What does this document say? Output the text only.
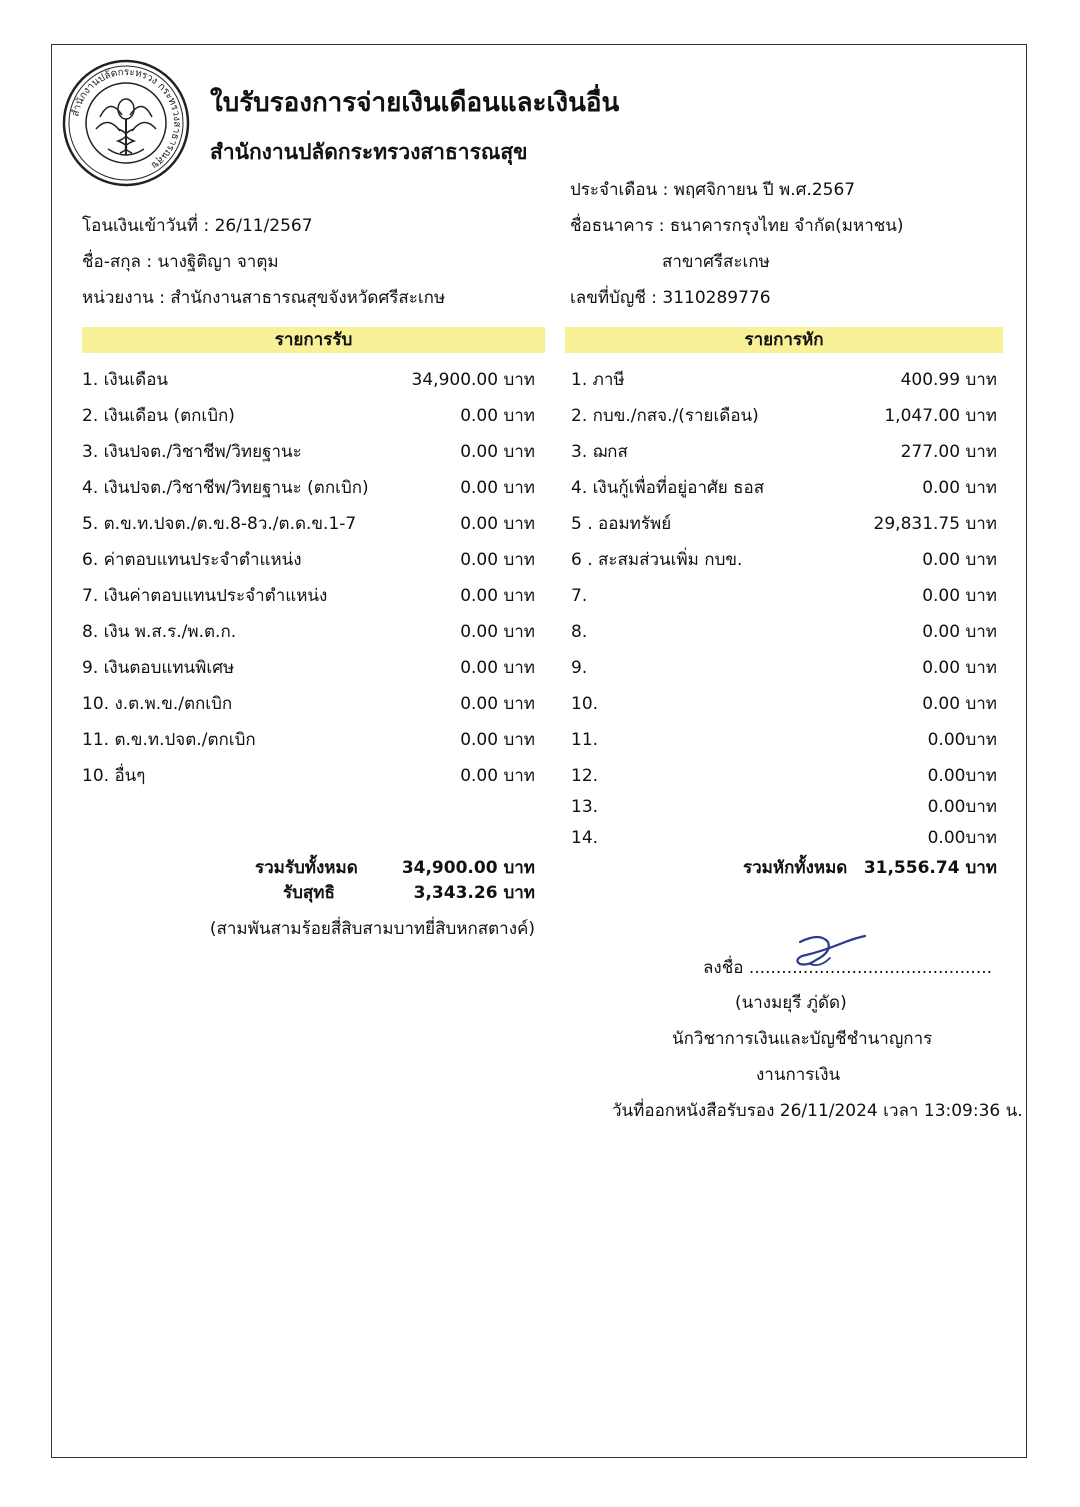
สำนักงานปลัดกระทรวง กระทรวงสาธารณสุข
ใบรับรองการจ่ายเงินเดือนและเงินอื่น
สำนักงานปลัดกระทรวงสาธารณสุข
ประจำเดือน : พฤศจิกายน ปี พ.ศ.2567
โอนเงินเข้าวันที่ : 26/11/2567	ชื่อธนาคาร : ธนาคารกรุงไทย จำกัด(มหาชน)
ชื่อ-สกุล : นางฐิติญา จาตุม	สาขาศรีสะเกษ
หน่วยงาน : สำนักงานสาธารณสุขจังหวัดศรีสะเกษ	เลขที่บัญชี : 3110289776
รายการรับ	รายการหัก
1. เงินเดือน	34,900.00 บาท
2. เงินเดือน (ตกเบิก)	0.00 บาท
3. เงินปจต./วิชาชีพ/วิทยฐานะ	0.00 บาท
4. เงินปจต./วิชาชีพ/วิทยฐานะ (ตกเบิก)	0.00 บาท
5. ต.ข.ท.ปจต./ต.ข.8-8ว./ต.ด.ข.1-7	0.00 บาท
6. ค่าตอบแทนประจำตำแหน่ง	0.00 บาท
7. เงินค่าตอบแทนประจำตำแหน่ง	0.00 บาท
8. เงิน พ.ส.ร./พ.ต.ก.	0.00 บาท
9. เงินตอบแทนพิเศษ	0.00 บาท
10. ง.ต.พ.ข./ตกเบิก	0.00 บาท
11. ต.ข.ท.ปจต./ตกเบิก	0.00 บาท
10. อื่นๆ	0.00 บาท
1. ภาษี	400.99 บาท
2. กบข./กสจ./(รายเดือน)	1,047.00 บาท
3. ฌกส	277.00 บาท
4. เงินกู้เพื่อที่อยู่อาศัย ธอส	0.00 บาท
5 . ออมทรัพย์	29,831.75 บาท
6 . สะสมส่วนเพิ่ม กบข.	0.00 บาท
7.	0.00 บาท
8.	0.00 บาท
9.	0.00 บาท
10.	0.00 บาท
11.	0.00บาท
12.	0.00บาท
13.	0.00บาท
14.	0.00บาท
รวมรับทั้งหมด	34,900.00 บาท
รับสุทธิ	3,343.26 บาท
(สามพันสามร้อยสี่สิบสามบาทยี่สิบหกสตางค์)
รวมหักทั้งหมด 31,556.74 บาท
ลงชื่อ .............................................
(นางมยุรี ภู่ดัด)
นักวิชาการเงินและบัญชีชำนาญการ
งานการเงิน
วันที่ออกหนังสือรับรอง 26/11/2024 เวลา 13:09:36 น.
